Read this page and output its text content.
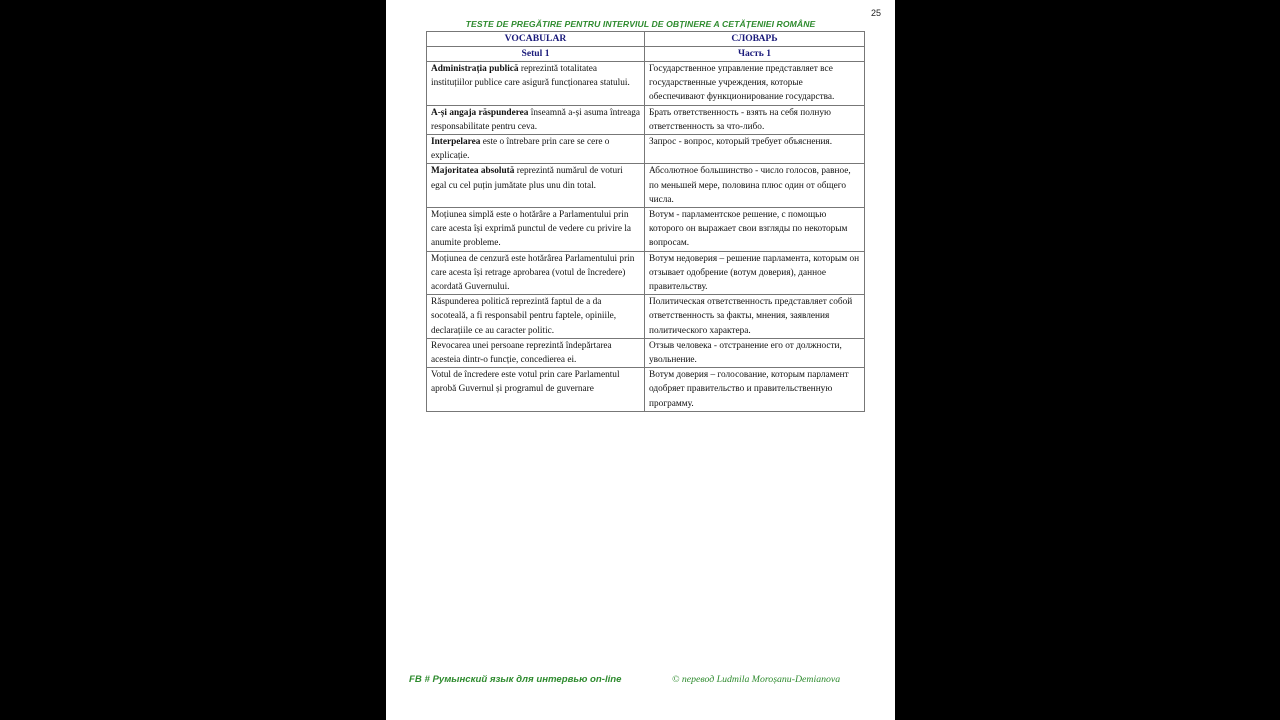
25
TESTE DE PREGĂTIRE PENTRU INTERVIUL DE OBȚINERE A CETĂȚENIEI ROMÂNE
VOCABULAR	СЛОВАРЬ
Setul 1	Часть 1
Administrația publică reprezintă totalitatea instituțiilor publice care asigură funcționarea statului.	Государственное управление представляет все государственные учреждения, которые обеспечивают функционирование государства.
A-și angaja răspunderea înseamnă a-și asuma întreaga responsabilitate pentru ceva.	Брать ответственность - взять на себя полную ответственность за что-либо.
Interpelarea este o întrebare prin care se cere o explicație.	Запрос - вопрос, который требует объяснения.
Majoritatea absolută reprezintă numărul de voturi egal cu cel puțin jumătate plus unu din total.	Абсолютное большинство - число голосов, равное, по меньшей мере, половина плюс один от общего числа.
Moțiunea simplă este o hotărâre a Parlamentului prin care acesta își exprimă punctul de vedere cu privire la anumite probleme.	Вотум - парламентское решение, с помощью которого он выражает свои взгляды по некоторым вопросам.
Moțiunea de cenzură este hotărârea Parlamentului prin care acesta își retrage aprobarea (votul de încredere) acordată Guvernului.	Вотум недоверия – решение парламента, которым он отзывает одобрение (вотум доверия), данное правительству.
Răspunderea politică reprezintă faptul de a da socoteală, a fi responsabil pentru faptele, opiniile, declarațiile ce au caracter politic.	Политическая ответственность представляет собой ответственность за факты, мнения, заявления политического характера.
Revocarea unei persoane reprezintă îndepărtarea acesteia dintr-o funcție, concedierea ei.	Отзыв человека - отстранение его от должности, увольнение.
Votul de încredere este votul prin care Parlamentul aprobă Guvernul și programul de guvernare	Вотум доверия – голосование, которым парламент одобряет правительство и правительственную программу.
FB # Румынский язык для интервью on-line	© перевод Ludmila Moroșanu-Demianova
